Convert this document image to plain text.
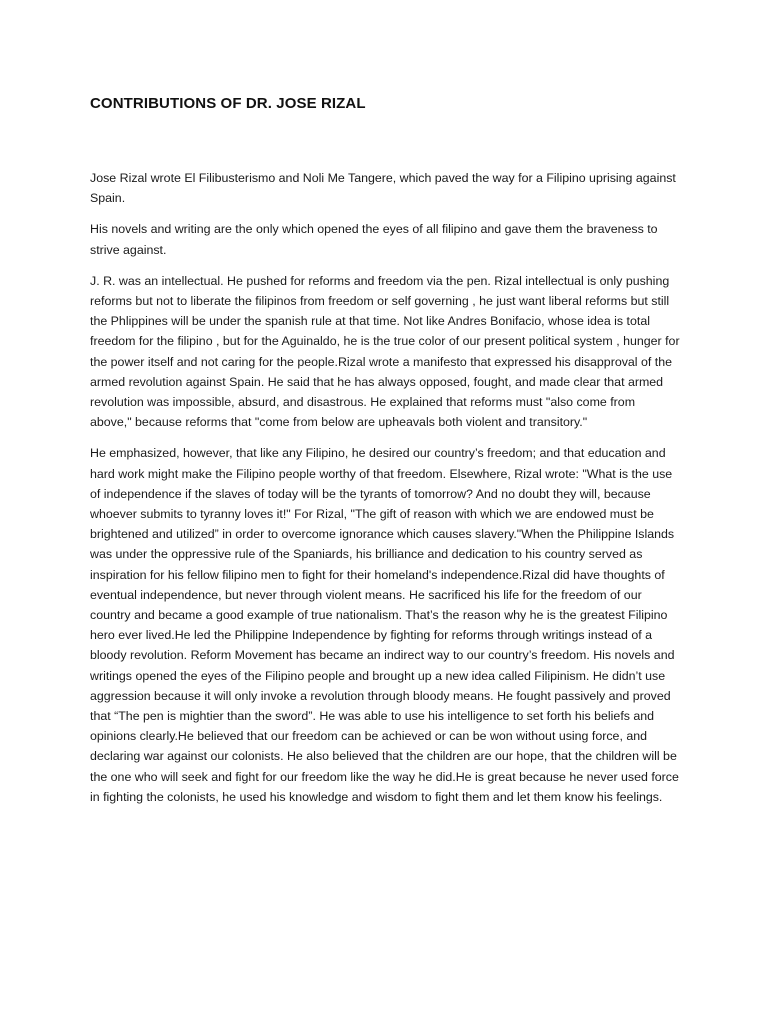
CONTRIBUTIONS OF DR. JOSE RIZAL

Jose Rizal wrote El Filibusterismo and Noli Me Tangere, which paved the way for a Filipino uprising against Spain.

His novels and writing are the only which opened the eyes of all filipino and gave them the braveness to strive against.

J. R. was an intellectual. He pushed for reforms and freedom via the pen. Rizal intellectual is only pushing reforms but not to liberate the filipinos from freedom or self governing , he just want liberal reforms but still the Phlippines will be under the spanish rule at that time. Not like Andres Bonifacio, whose idea is total freedom for the filipino , but for the Aguinaldo, he is the true color of our present political system , hunger for the power itself and not caring for the people.Rizal wrote a manifesto that expressed his disapproval of the armed revolution against Spain. He said that he has always opposed, fought, and made clear that armed revolution was impossible, absurd, and disastrous. He explained that reforms must "also come from above," because reforms that "come from below are upheavals both violent and transitory."

He emphasized, however, that like any Filipino, he desired our country’s freedom; and that education and hard work might make the Filipino people worthy of that freedom. Elsewhere, Rizal wrote: "What is the use of independence if the slaves of today will be the tyrants of tomorrow? And no doubt they will, because whoever submits to tyranny loves it!" For Rizal, "The gift of reason with which we are endowed must be brightened and utilized” in order to overcome ignorance which causes slavery."When the Philippine Islands was under the oppressive rule of the Spaniards, his brilliance and dedication to his country served as inspiration for his fellow filipino men to fight for their homeland's independence.Rizal did have thoughts of eventual independence, but never through violent means. He sacrificed his life for the freedom of our country and became a good example of true nationalism. That’s the reason why he is the greatest Filipino hero ever lived.He led the Philippine Independence by fighting for reforms through writings instead of a bloody revolution. Reform Movement has became an indirect way to our country’s freedom. His novels and writings opened the eyes of the Filipino people and brought up a new idea called Filipinism. He didn’t use aggression because it will only invoke a revolution through bloody means. He fought passively and proved that “The pen is mightier than the sword”. He was able to use his intelligence to set forth his beliefs and opinions clearly.He believed that our freedom can be achieved or can be won without using force, and declaring war against our colonists. He also believed that the children are our hope, that the children will be the one who will seek and fight for our freedom like the way he did.He is great because he never used force in fighting the colonists, he used his knowledge and wisdom to fight them and let them know his feelings.
